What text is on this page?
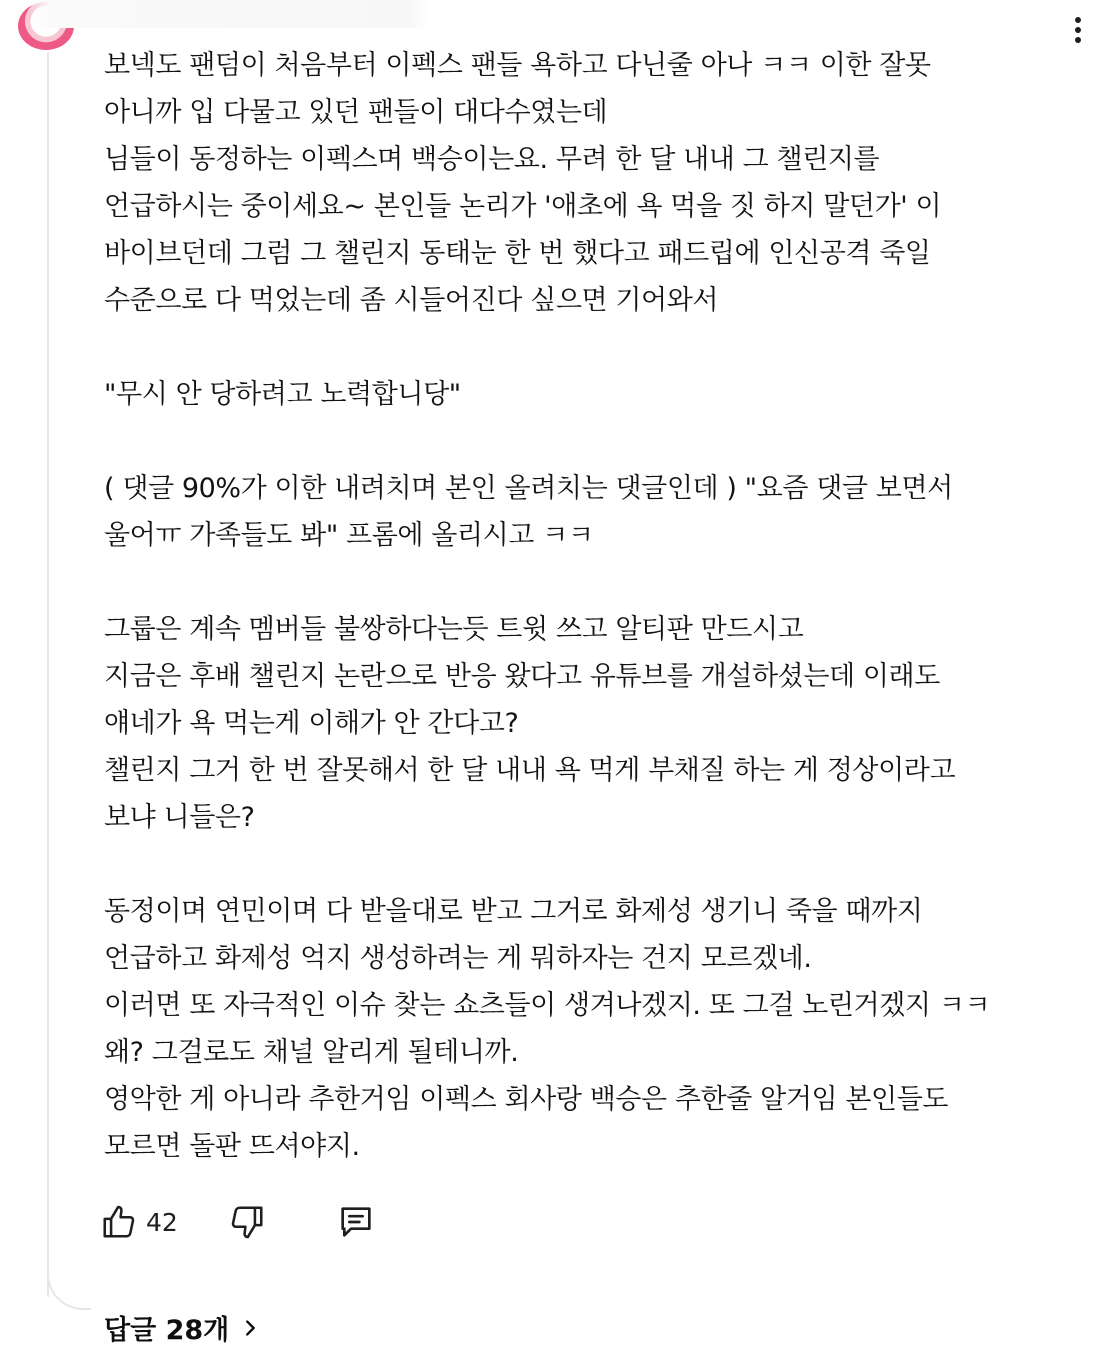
보넥도 팬덤이 처음부터 이펙스 팬들 욕하고 다닌줄 아나 ㅋㅋ 이한 잘못
아니까 입 다물고 있던 팬들이 대다수였는데
님들이 동정하는 이펙스며 백승이는요. 무려 한 달 내내 그 챌린지를
언급하시는 중이세요~ 본인들 논리가 '애초에 욕 먹을 짓 하지 말던가' 이
바이브던데 그럼 그 챌린지 동태눈 한 번 했다고 패드립에 인신공격 죽일
수준으로 다 먹었는데 좀 시들어진다 싶으면 기어와서
"무시 안 당하려고 노력합니당"
( 댓글 90%가 이한 내려치며 본인 올려치는 댓글인데 ) "요즘 댓글 보면서
울어ㅠ 가족들도 봐" 프롬에 올리시고 ㅋㅋ
그룹은 계속 멤버들 불쌍하다는듯 트윗 쓰고 알티판 만드시고
지금은 후배 챌린지 논란으로 반응 왔다고 유튜브를 개설하셨는데 이래도
얘네가 욕 먹는게 이해가 안 간다고?
챌린지 그거 한 번 잘못해서 한 달 내내 욕 먹게 부채질 하는 게 정상이라고
보냐 니들은?
동정이며 연민이며 다 받을대로 받고 그거로 화제성 생기니 죽을 때까지
언급하고 화제성 억지 생성하려는 게 뭐하자는 건지 모르겠네.
이러면 또 자극적인 이슈 찾는 쇼츠들이 생겨나겠지. 또 그걸 노린거겠지 ㅋㅋ
왜? 그걸로도 채널 알리게 될테니까.
영악한 게 아니라 추한거임 이펙스 회사랑 백승은 추한줄 알거임 본인들도
모르면 돌판 뜨셔야지.
42
답글 28개
